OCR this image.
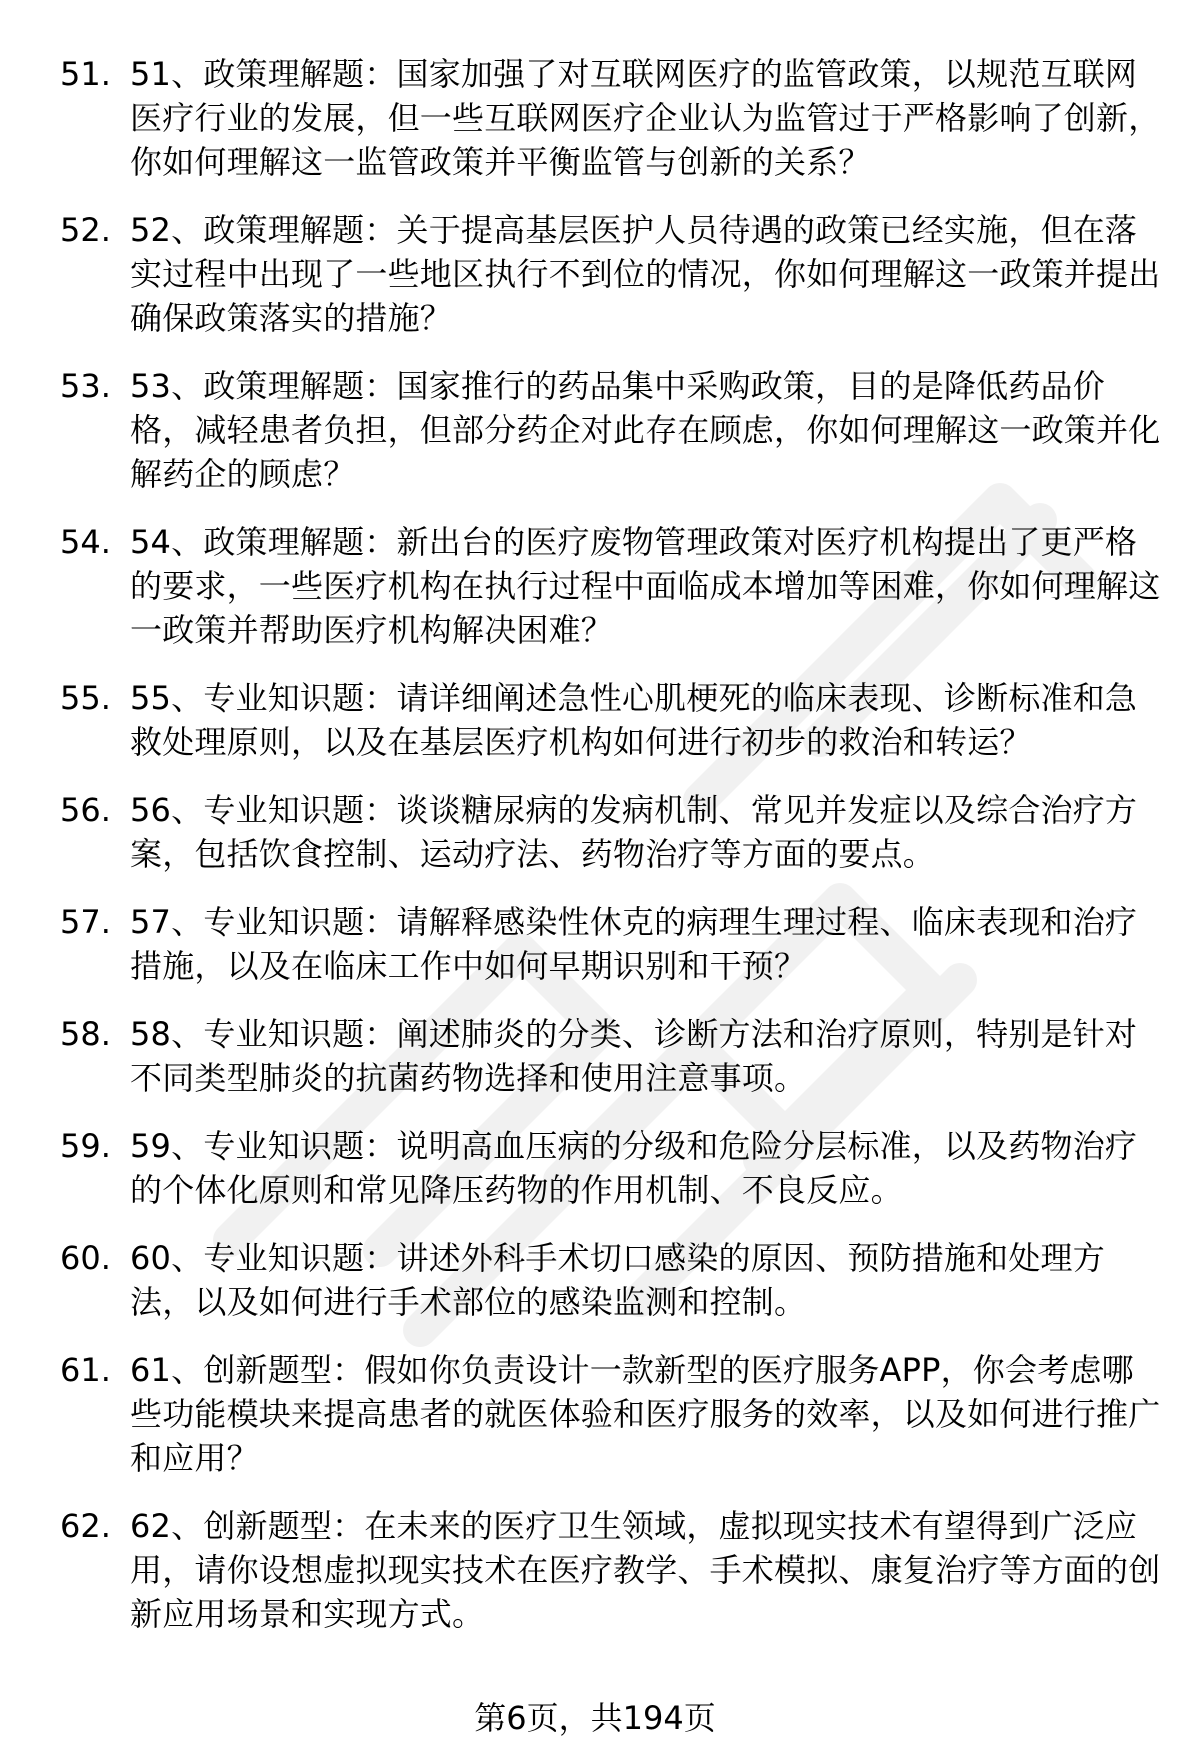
51. 51、政策理解题：国家加强了对互联网医疗的监管政策，以规范互联网医疗行业的发展，但一些互联网医疗企业认为监管过于严格影响了创新，你如何理解这一监管政策并平衡监管与创新的关系？
52. 52、政策理解题：关于提高基层医护人员待遇的政策已经实施，但在落实过程中出现了一些地区执行不到位的情况，你如何理解这一政策并提出确保政策落实的措施？
53. 53、政策理解题：国家推行的药品集中采购政策，目的是降低药品价格，减轻患者负担，但部分药企对此存在顾虑，你如何理解这一政策并化解药企的顾虑？
54. 54、政策理解题：新出台的医疗废物管理政策对医疗机构提出了更严格的要求，一些医疗机构在执行过程中面临成本增加等困难，你如何理解这一政策并帮助医疗机构解决困难？
55. 55、专业知识题：请详细阐述急性心肌梗死的临床表现、诊断标准和急救处理原则，以及在基层医疗机构如何进行初步的救治和转运？
56. 56、专业知识题：谈谈糖尿病的发病机制、常见并发症以及综合治疗方案，包括饮食控制、运动疗法、药物治疗等方面的要点。
57. 57、专业知识题：请解释感染性休克的病理生理过程、临床表现和治疗措施，以及在临床工作中如何早期识别和干预？
58. 58、专业知识题：阐述肺炎的分类、诊断方法和治疗原则，特别是针对不同类型肺炎的抗菌药物选择和使用注意事项。
59. 59、专业知识题：说明高血压病的分级和危险分层标准，以及药物治疗的个体化原则和常见降压药物的作用机制、不良反应。
60. 60、专业知识题：讲述外科手术切口感染的原因、预防措施和处理方法，以及如何进行手术部位的感染监测和控制。
61. 61、创新题型：假如你负责设计一款新型的医疗服务APP，你会考虑哪些功能模块来提高患者的就医体验和医疗服务的效率，以及如何进行推广和应用？
62. 62、创新题型：在未来的医疗卫生领域，虚拟现实技术有望得到广泛应用，请你设想虚拟现实技术在医疗教学、手术模拟、康复治疗等方面的创新应用场景和实现方式。
第6页，共194页
